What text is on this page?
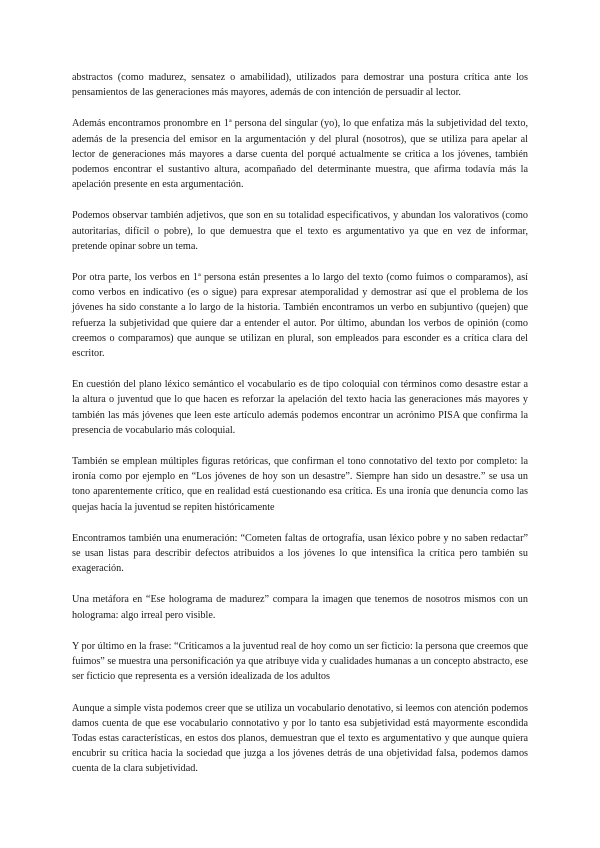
abstractos (como madurez, sensatez o amabilidad), utilizados para demostrar una postura crítica ante los pensamientos de las generaciones más mayores, además de con intención de persuadir al lector.

Además encontramos pronombre en 1ª persona del singular (yo), lo que enfatiza más la subjetividad del texto, además de la presencia del emisor en la argumentación y del plural (nosotros), que se utiliza para apelar al lector de generaciones más mayores a darse cuenta del porqué actualmente se critica a los jóvenes, también podemos encontrar el sustantivo altura, acompañado del determinante muestra, que afirma todavía más la apelación presente en esta argumentación.

Podemos observar también adjetivos, que son en su totalidad especificativos, y abundan los valorativos (como autoritarias, difícil o pobre), lo que demuestra que el texto es argumentativo ya que en vez de informar, pretende opinar sobre un tema.

Por otra parte, los verbos en 1ª persona están presentes a lo largo del texto (como fuimos o comparamos), así como verbos en indicativo (es o sigue) para expresar atemporalidad y demostrar así que el problema de los jóvenes ha sido constante a lo largo de la historia. También encontramos un verbo en subjuntivo (quejen) que refuerza la subjetividad que quiere dar a entender el autor. Por último, abundan los verbos de opinión (como creemos o comparamos) que aunque se utilizan en plural, son empleados para esconder es a crítica clara del escritor.

En cuestión del plano léxico semántico el vocabulario es de tipo coloquial con términos como desastre estar a la altura o juventud que lo que hacen es reforzar la apelación del texto hacia las generaciones más mayores y también las más jóvenes que leen este artículo además podemos encontrar un acrónimo PISA que confirma la presencia de vocabulario más coloquial.

También se emplean múltiples figuras retóricas, que confirman el tono connotativo del texto por completo: la ironía como por ejemplo en “Los jóvenes de hoy son un desastre”. Siempre han sido un desastre.” se usa un tono aparentemente crítico, que en realidad está cuestionando esa crítica. Es una ironía que denuncia como las quejas hacia la juventud se repiten históricamente

Encontramos también una enumeración: “Cometen faltas de ortografía, usan léxico pobre y no saben redactar” se usan listas para describir defectos atribuidos a los jóvenes lo que intensifica la crítica pero también su exageración.

Una metáfora en “Ese holograma de madurez” compara la imagen que tenemos de nosotros mismos con un holograma: algo irreal pero visible.

Y por último en la frase: “Criticamos a la juventud real de hoy como un ser ficticio: la persona que creemos que fuimos” se muestra una personificación ya que atribuye vida y cualidades humanas a un concepto abstracto, ese ser ficticio que representa es a versión idealizada de los adultos

Aunque a simple vista podemos creer que se utiliza un vocabulario denotativo, si leemos con atención podemos damos cuenta de que ese vocabulario connotativo y por lo tanto esa subjetividad está mayormente escondida Todas estas características, en estos dos planos, demuestran que el texto es argumentativo y que aunque quiera encubrir su crítica hacia la sociedad que juzga a los jóvenes detrás de una objetividad falsa, podemos damos cuenta de la clara subjetividad.
